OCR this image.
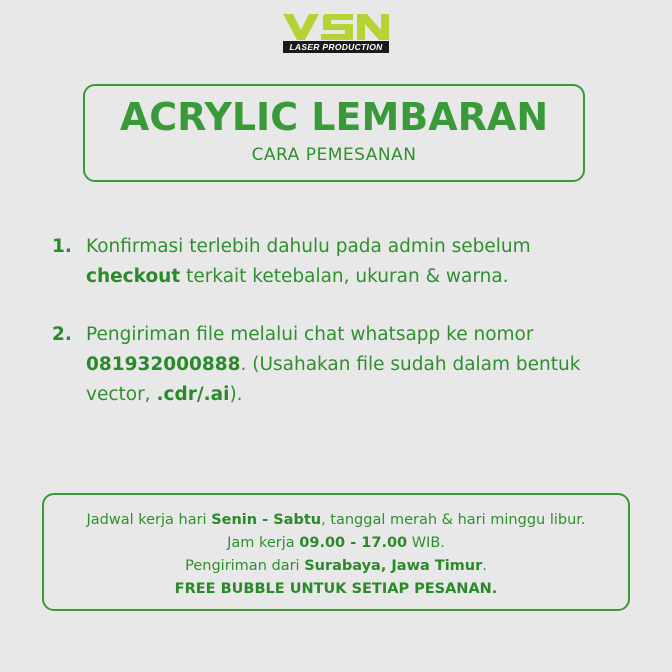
LASER PRODUCTION
ACRYLIC LEMBARAN
CARA PEMESANAN
1. Konfirmasi terlebih dahulu pada admin sebelum
checkout terkait ketebalan, ukuran & warna.
2. Pengiriman file melalui chat whatsapp ke nomor
081932000888. (Usahakan file sudah dalam bentuk
vector, .cdr/.ai).
Jadwal kerja hari Senin - Sabtu, tanggal merah & hari minggu libur.
Jam kerja 09.00 - 17.00 WIB.
Pengiriman dari Surabaya, Jawa Timur.
FREE BUBBLE UNTUK SETIAP PESANAN.
